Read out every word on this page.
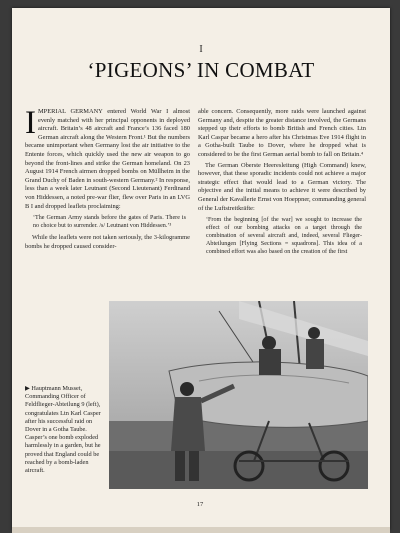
I
‘PIGEONS’ IN COMBAT

IMPERIAL GERMANY entered World War I almost evenly matched with her principal opponents in deployed aircraft. Britain’s 48 aircraft and France’s 136 faced 180 German aircraft along the Western Front.¹ But the numbers became unimportant when Germany lost the air initiative to the Entente forces, which quickly used the new air weapon to go beyond the front-lines and strike the German homeland. On 23 August 1914 French airmen dropped bombs on Müllheim in the Grand Duchy of Baden in south-western Germany.² In response, less than a week later Leutnant (Second Lieutenant) Ferdinand von Hiddessen, a noted pre-war flier, flew over Paris in an LVG B I and dropped leaflets proclaiming:

‘The German Army stands before the gates of Paris. There is no choice but to surrender. /s/ Leutnant von Hiddessen.’³

While the leaflets were not taken seriously, the 3-kilogramme bombs he dropped caused consider-

able concern. Consequently, more raids were launched against Germany and, despite the greater distance involved, the Germans stepped up their efforts to bomb British and French cities. Ltn Karl Caspar became a hero after his Christmas Eve 1914 flight in a Gotha-built Taube to Dover, where he dropped what is considered to be the first German aerial bomb to fall on Britain.⁴

The German Oberste Heeresleitung (High Command) knew, however, that these sporadic incidents could not achieve a major strategic effect that would lead to a German victory. The objective and the initial means to achieve it were described by General der Kavallerie Ernst von Hoeppner, commanding general of the Luftstreitkräfte:

‘From the beginning [of the war] we sought to increase the effect of our bombing attacks on a target through the combination of several aircraft and, indeed, several Flieger-Abteilungen [Flying Sections = squadrons]. This idea of a combined effort was also based on the creation of the first

▶ Hauptmann Musset, Commanding Officer of Feldflieger-Abteilung 9 (left), congratulates Ltn Karl Casper after his successful raid on Dover in a Gotha Taube. Casper’s one bomb exploded harmlessly in a garden, but he proved that England could be reached by a bomb-laden aircraft.
17
